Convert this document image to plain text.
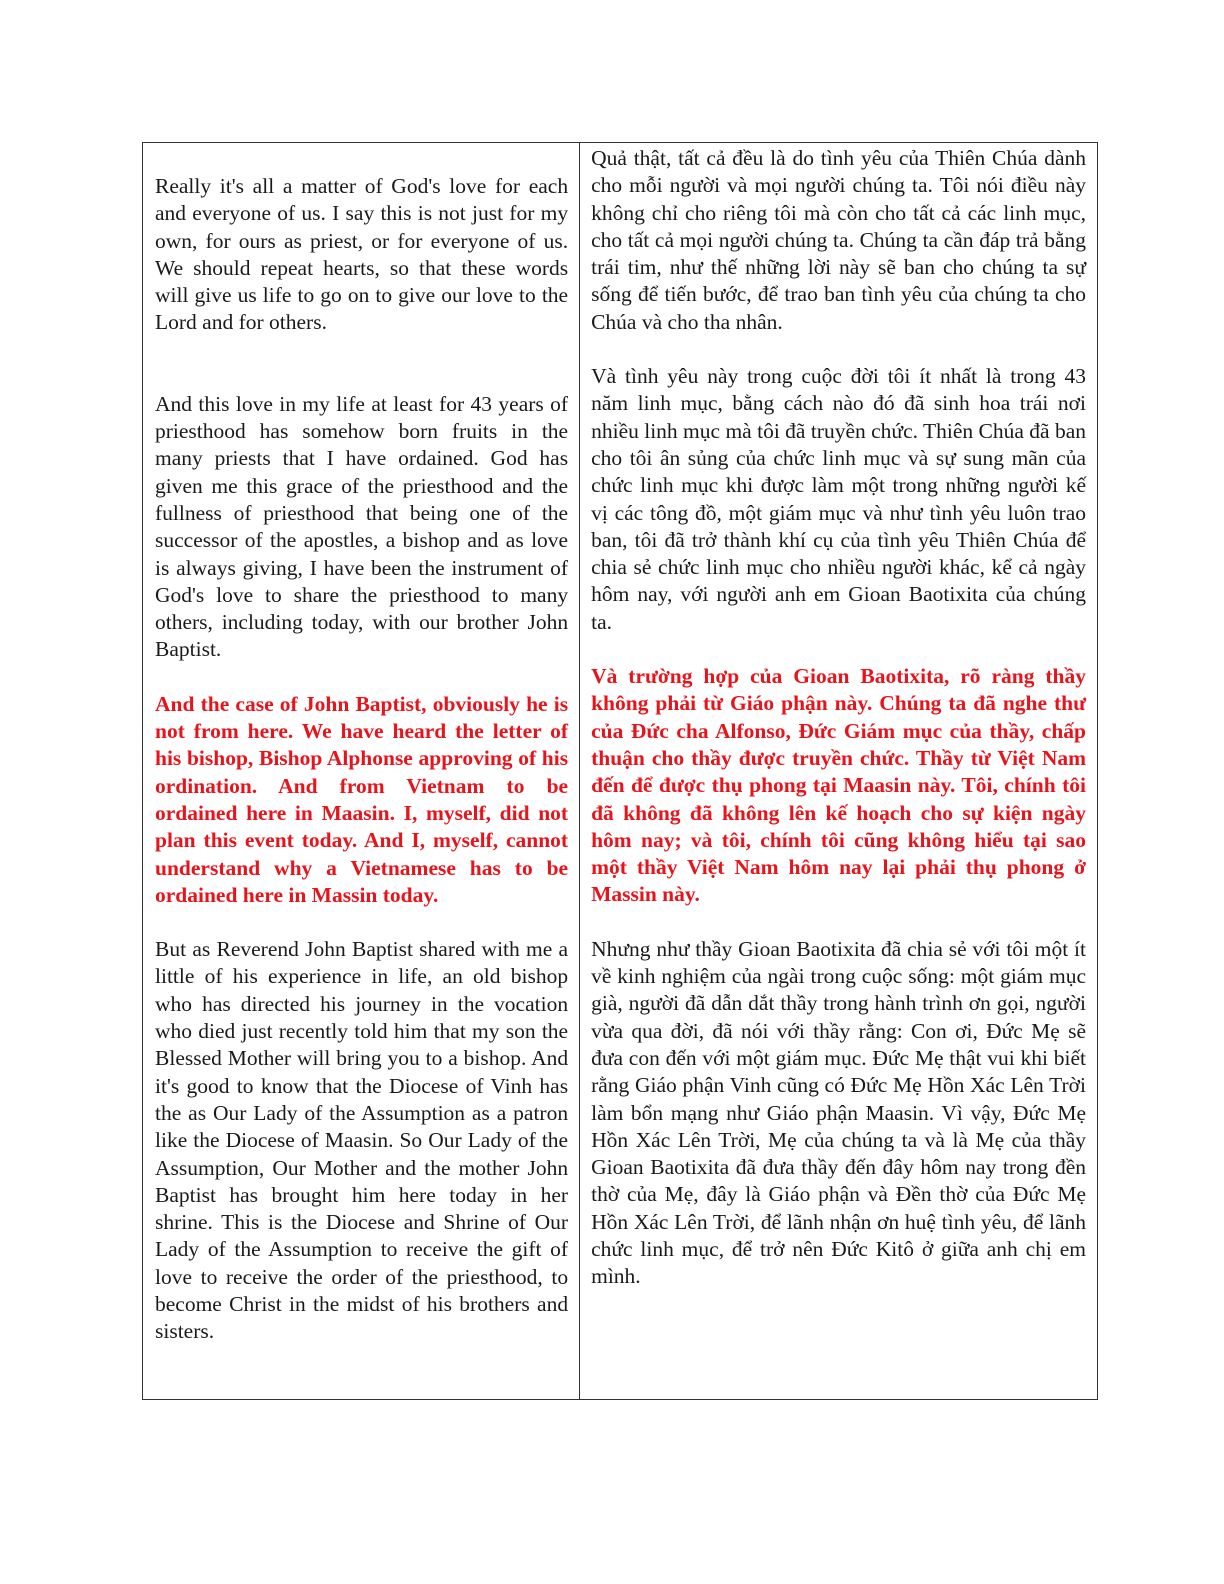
Really it's all a matter of God's love for each and everyone of us. I say this is not just for my own, for ours as priest, or for everyone of us. We should repeat hearts, so that these words will give us life to go on to give our love to the Lord and for others.

And this love in my life at least for 43 years of priesthood has somehow born fruits in the many priests that I have ordained. God has given me this grace of the priesthood and the fullness of priesthood that being one of the successor of the apostles, a bishop and as love is always giving, I have been the instrument of God's love to share the priesthood to many others, including today, with our brother John Baptist.

And the case of John Baptist, obviously he is not from here. We have heard the letter of his bishop, Bishop Alphonse approving of his ordination. And from Vietnam to be ordained here in Maasin. I, myself, did not plan this event today. And I, myself, cannot understand why a Vietnamese has to be ordained here in Massin today.

But as Reverend John Baptist shared with me a little of his experience in life, an old bishop who has directed his journey in the vocation who died just recently told him that my son the Blessed Mother will bring you to a bishop. And it's good to know that the Diocese of Vinh has the as Our Lady of the Assumption as a patron like the Diocese of Maasin. So Our Lady of the Assumption, Our Mother and the mother John Baptist has brought him here today in her shrine. This is the Diocese and Shrine of Our Lady of the Assumption to receive the gift of love to receive the order of the priesthood, to become Christ in the midst of his brothers and sisters.

Quả thật, tất cả đều là do tình yêu của Thiên Chúa dành cho mỗi người và mọi người chúng ta. Tôi nói điều này không chỉ cho riêng tôi mà còn cho tất cả các linh mục, cho tất cả mọi người chúng ta. Chúng ta cần đáp trả bằng trái tim, như thế những lời này sẽ ban cho chúng ta sự sống để tiến bước, để trao ban tình yêu của chúng ta cho Chúa và cho tha nhân.

Và tình yêu này trong cuộc đời tôi ít nhất là trong 43 năm linh mục, bằng cách nào đó đã sinh hoa trái nơi nhiều linh mục mà tôi đã truyền chức. Thiên Chúa đã ban cho tôi ân sủng của chức linh mục và sự sung mãn của chức linh mục khi được làm một trong những người kế vị các tông đồ, một giám mục và như tình yêu luôn trao ban, tôi đã trở thành khí cụ của tình yêu Thiên Chúa để chia sẻ chức linh mục cho nhiều người khác, kể cả ngày hôm nay, với người anh em Gioan Baotixita của chúng ta.

Và trường hợp của Gioan Baotixita, rõ ràng thầy không phải từ Giáo phận này. Chúng ta đã nghe thư của Đức cha Alfonso, Đức Giám mục của thầy, chấp thuận cho thầy được truyền chức. Thầy từ Việt Nam đến để được thụ phong tại Maasin này. Tôi, chính tôi đã không đã không lên kế hoạch cho sự kiện ngày hôm nay; và tôi, chính tôi cũng không hiểu tại sao một thầy Việt Nam hôm nay lại phải thụ phong ở Massin này.

Nhưng như thầy Gioan Baotixita đã chia sẻ với tôi một ít về kinh nghiệm của ngài trong cuộc sống: một giám mục già, người đã dẫn dắt thầy trong hành trình ơn gọi, người vừa qua đời, đã nói với thầy rằng: Con ơi, Đức Mẹ sẽ đưa con đến với một giám mục. Đức Mẹ thật vui khi biết rằng Giáo phận Vinh cũng có Đức Mẹ Hồn Xác Lên Trời làm bổn mạng như Giáo phận Maasin. Vì vậy, Đức Mẹ Hồn Xác Lên Trời, Mẹ của chúng ta và là Mẹ của thầy Gioan Baotixita đã đưa thầy đến đây hôm nay trong đền thờ của Mẹ, đây là Giáo phận và Đền thờ của Đức Mẹ Hồn Xác Lên Trời, để lãnh nhận ơn huệ tình yêu, để lãnh chức linh mục, để trở nên Đức Kitô ở giữa anh chị em mình.
